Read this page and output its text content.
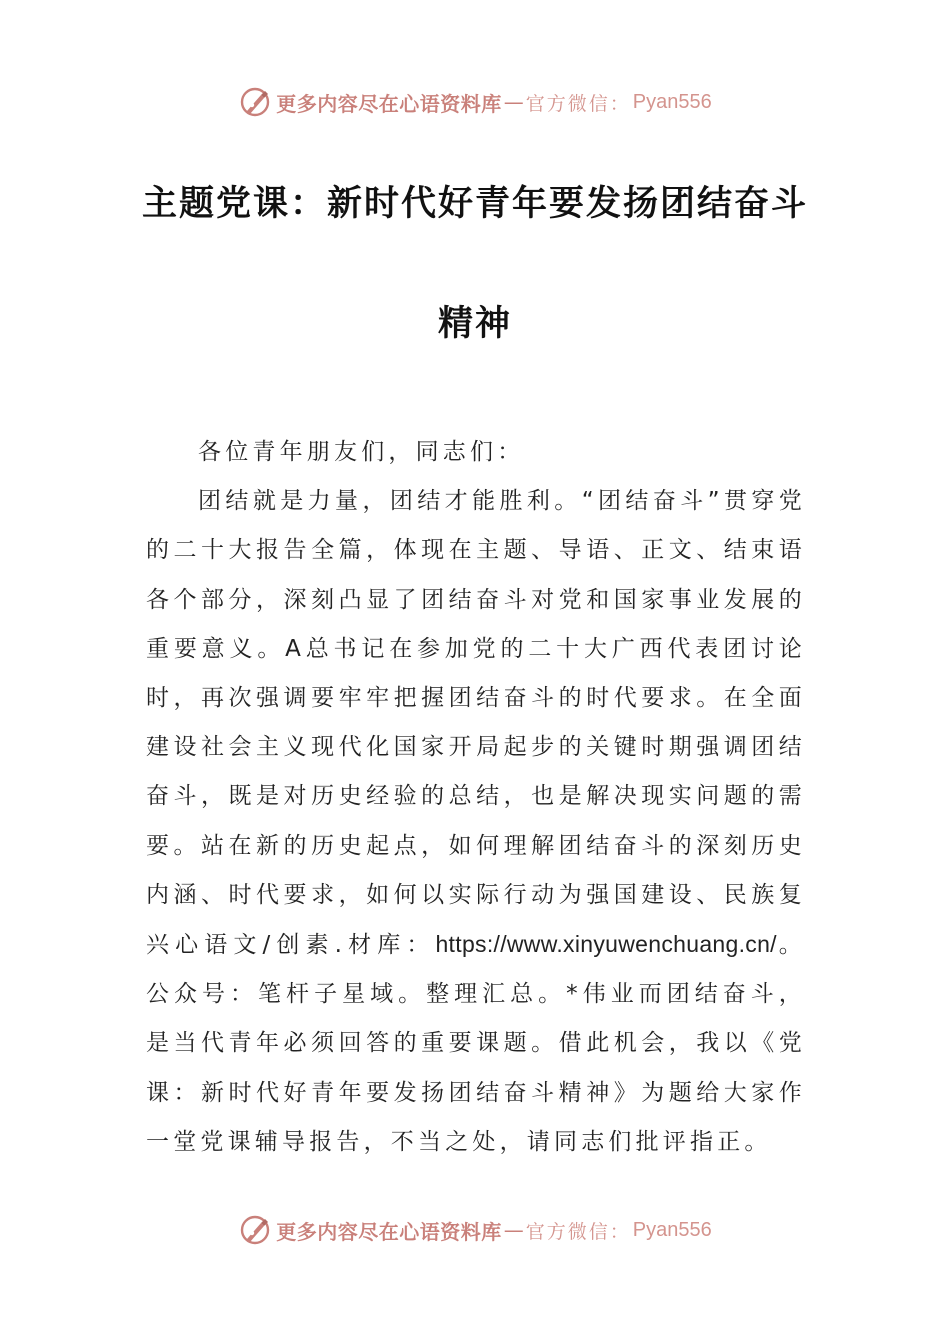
更多内容尽在心语资料库 — 官方微信： Pyan556
主题党课：新时代好青年要发扬团结奋斗
精神

各位青年朋友们，同志们：

团结就是力量，团结才能胜利。“团结奋斗”贯穿党的二十大报告全篇，体现在主题、导语、正文、结束语各个部分，深刻凸显了团结奋斗对党和国家事业发展的重要意义。A总书记在参加党的二十大广西代表团讨论时，再次强调要牢牢把握团结奋斗的时代要求。在全面建设社会主义现代化国家开局起步的关键时期强调团结奋斗，既是对历史经验的总结，也是解决现实问题的需要。站在新的历史起点，如何理解团结奋斗的深刻历史内涵、时代要求，如何以实际行动为强国建设、民族复兴心语文/创素.材库：https://www.xinyuwenchuang.cn/。公众号：笔杆子星域。整理汇总。*伟业而团结奋斗，是当代青年必须回答的重要课题。借此机会，我以《党课：新时代好青年要发扬团结奋斗精神》为题给大家作一堂党课辅导报告，不当之处，请同志们批评指正。

更多内容尽在心语资料库 — 官方微信： Pyan556
